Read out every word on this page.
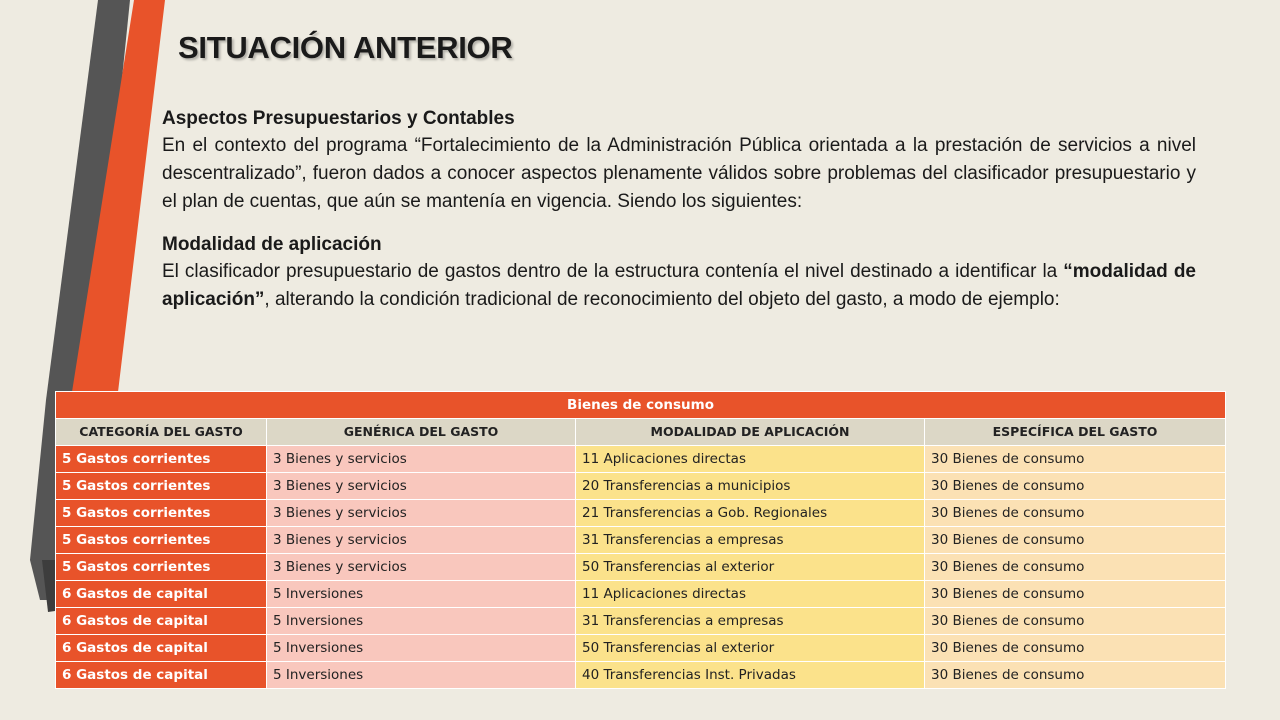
SITUACIÓN ANTERIOR
Aspectos Presupuestarios y Contables

En el contexto del programa “Fortalecimiento de la Administración Pública orientada a la prestación de servicios a nivel descentralizado”, fueron dados a conocer aspectos plenamente válidos sobre problemas del clasificador presupuestario y el plan de cuentas, que aún se mantenía en vigencia. Siendo los siguientes:

Modalidad de aplicación

El clasificador presupuestario de gastos dentro de la estructura contenía el nivel destinado a identificar la “modalidad de aplicación”, alterando la condición tradicional de reconocimiento del objeto del gasto, a modo de ejemplo:

Bienes de consumo			
CATEGORÍA DEL GASTO	GENÉRICA DEL GASTO	MODALIDAD DE APLICACIÓN	ESPECÍFICA DEL GASTO
5 Gastos corrientes	3 Bienes y servicios	11 Aplicaciones directas	30 Bienes de consumo
5 Gastos corrientes	3 Bienes y servicios	20 Transferencias a municipios	30 Bienes de consumo
5 Gastos corrientes	3 Bienes y servicios	21 Transferencias a Gob. Regionales	30 Bienes de consumo
5 Gastos corrientes	3 Bienes y servicios	31 Transferencias a empresas	30 Bienes de consumo
5 Gastos corrientes	3 Bienes y servicios	50 Transferencias al exterior	30 Bienes de consumo
6 Gastos de capital	5 Inversiones	11 Aplicaciones directas	30 Bienes de consumo
6 Gastos de capital	5 Inversiones	31 Transferencias a empresas	30 Bienes de consumo
6 Gastos de capital	5 Inversiones	50 Transferencias al exterior	30 Bienes de consumo
6 Gastos de capital	5 Inversiones	40 Transferencias Inst. Privadas	30 Bienes de consumo
